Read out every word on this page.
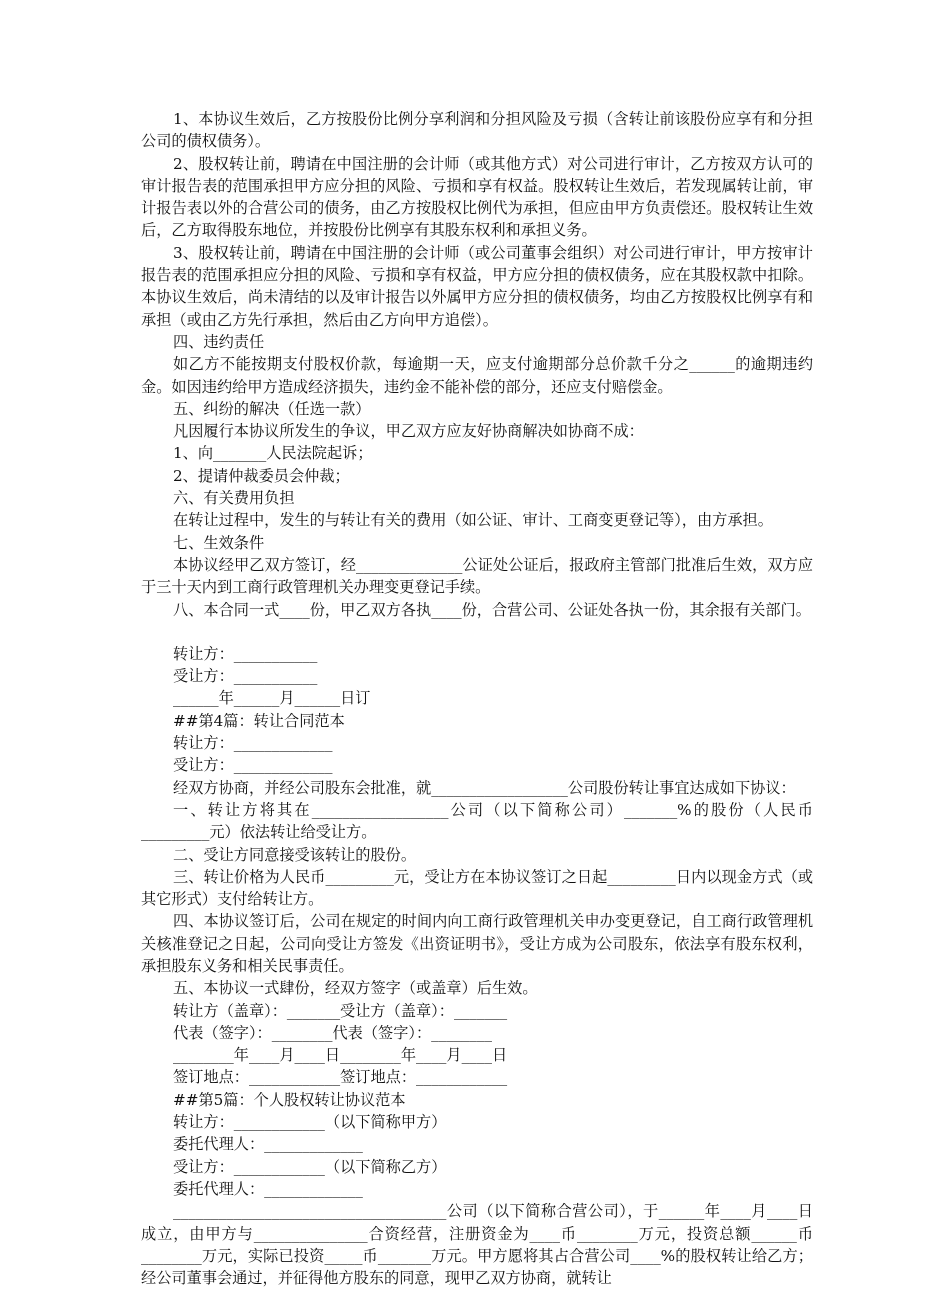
1、本协议生效后，乙方按股份比例分享利润和分担风险及亏损（含转让前该股份应享有和分担公司的债权债务）。

2、股权转让前，聘请在中国注册的会计师（或其他方式）对公司进行审计，乙方按双方认可的审计报告表的范围承担甲方应分担的风险、亏损和享有权益。股权转让生效后，若发现属转让前，审计报告表以外的合营公司的债务，由乙方按股权比例代为承担，但应由甲方负责偿还。股权转让生效后，乙方取得股东地位，并按股份比例享有其股东权利和承担义务。

3、股权转让前，聘请在中国注册的会计师（或公司董事会组织）对公司进行审计，甲方按审计报告表的范围承担应分担的风险、亏损和享有权益，甲方应分担的债权债务，应在其股权款中扣除。本协议生效后，尚未清结的以及审计报告以外属甲方应分担的债权债务，均由乙方按股权比例享有和承担（或由乙方先行承担，然后由乙方向甲方追偿）。

四、违约责任

如乙方不能按期支付股权价款，每逾期一天，应支付逾期部分总价款千分之______的逾期违约金。如因违约给甲方造成经济损失，违约金不能补偿的部分，还应支付赔偿金。

五、纠纷的解决（任选一款）

凡因履行本协议所发生的争议，甲乙双方应友好协商解决如协商不成：

1、向_______人民法院起诉；

2、提请仲裁委员会仲裁；

六、有关费用负担

在转让过程中，发生的与转让有关的费用（如公证、审计、工商变更登记等），由方承担。

七、生效条件

本协议经甲乙双方签订，经______________公证处公证后，报政府主管部门批准后生效，双方应于三十天内到工商行政管理机关办理变更登记手续。

八、本合同一式____份，甲乙双方各执____份，合营公司、公证处各执一份，其余报有关部门。

转让方：___________

受让方：___________

______年______月______日订

##第4篇：转让合同范本

转让方：_____________

受让方：_____________

经双方协商，并经公司股东会批准，就__________________公司股份转让事宜达成如下协议：

一、转让方将其在__________________公司（以下简称公司）_______%的股份（人民币_________元）依法转让给受让方。

二、受让方同意接受该转让的股份。

三、转让价格为人民币_________元，受让方在本协议签订之日起_________日内以现金方式（或其它形式）支付给转让方。

四、本协议签订后，公司在规定的时间内向工商行政管理机关申办变更登记，自工商行政管理机关核准登记之日起，公司向受让方签发《出资证明书》，受让方成为公司股东，依法享有股东权利，承担股东义务和相关民事责任。

五、本协议一式肆份，经双方签字（或盖章）后生效。

转让方（盖章）：_______受让方（盖章）：_______

代表（签字）：________代表（签字）：________

________年____月____日________年____月____日

签订地点：____________签订地点：____________

##第5篇：个人股权转让协议范本

转让方：____________（以下简称甲方）

委托代理人：_____________

受让方：____________（以下简称乙方）

委托代理人：_____________

____________________________________公司（以下简称合营公司），于______年____月____日成立，由甲方与_______________合资经营，注册资金为____币________万元，投资总额______币________万元，实际已投资_____币_______万元。甲方愿将其占合营公司____%的股权转让给乙方；经公司董事会通过，并征得他方股东的同意，现甲乙双方协商，就转让
